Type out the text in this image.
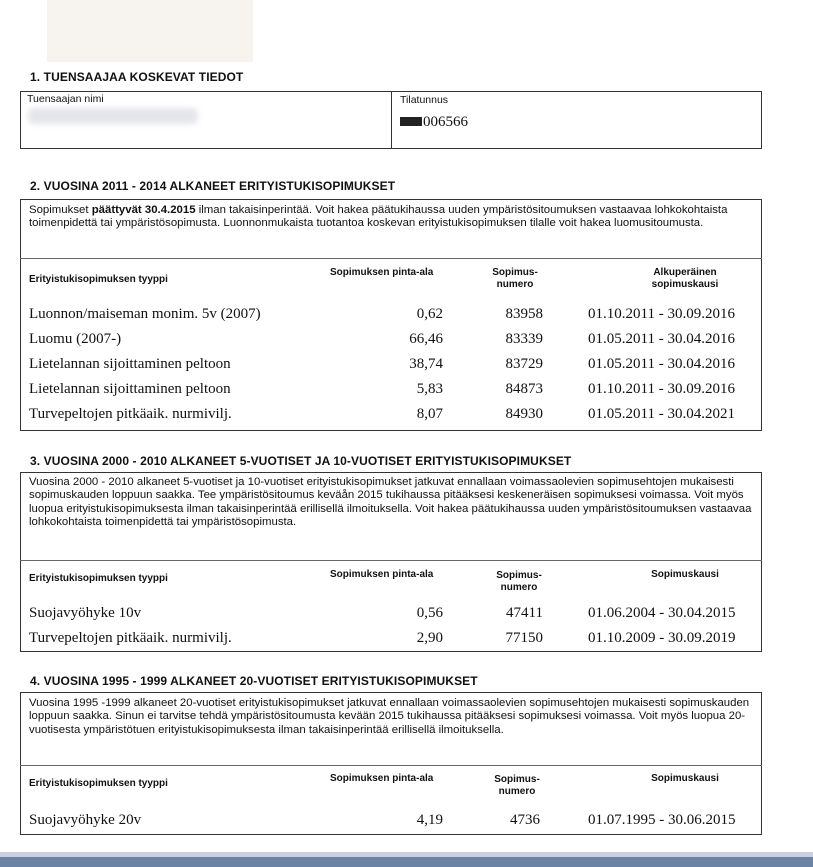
1. TUENSAAJAA KOSKEVAT TIEDOT
Tuensaajan nimi	Tilatunnus
006566
2. VUOSINA 2011 - 2014 ALKANEET ERITYISTUKISOPIMUKSET
Sopimukset päättyvät 30.4.2015 ilman takaisinperintää. Voit hakea päätukihaussa uuden ympäristösitoumuksen vastaavaa lohkokohtaista toimenpidettä tai ympäristösopimusta. Luonnonmukaista tuotantoa koskevan erityistukisopimuksen tilalle voit hakea luomusitoumusta.
Erityistukisopimuksen tyyppi
Sopimuksen pinta-ala	Sopimus-
numero
Alkuperäinen
sopimuskausi
Luonnon/maiseman monim. 5v (2007)	0,62	83958	01.10.2011 - 30.09.2016
Luomu (2007-)	66,46	83339	01.05.2011 - 30.04.2016
Lietelannan sijoittaminen peltoon	38,74	83729	01.05.2011 - 30.04.2016
Lietelannan sijoittaminen peltoon	5,83	84873	01.10.2011 - 30.09.2016
Turvepeltojen pitkäaik. nurmivilj.	8,07	84930	01.05.2011 - 30.04.2021
3. VUOSINA 2000 - 2010 ALKANEET 5-VUOTISET JA 10-VUOTISET ERITYISTUKISOPIMUKSET
Vuosina 2000 - 2010 alkaneet 5-vuotiset ja 10-vuotiset erityistukisopimukset jatkuvat ennallaan voimassaolevien sopimusehtojen mukaisesti sopimuskauden loppuun saakka. Tee ympäristösitoumus keväån 2015 tukihaussa pitääksesi keskeneräisen sopimuksesi voimassa. Voit myös luopua erityistukisopimuksesta ilman takaisinperintää erillisellä ilmoituksella. Voit hakea päätukihaussa uuden ympäristösitoumuksen vastaavaa lohkokohtaista toimenpidettä tai ympäristösopimusta.
Erityistukisopimuksen tyyppi	Sopimuksen pinta-ala	Sopimus-
numero
Sopimuskausi
Suojavyöhyke 10v	0,56	47411	01.06.2004 - 30.04.2015
Turvepeltojen pitkäaik. nurmivilj.	2,90	77150	01.10.2009 - 30.09.2019
4. VUOSINA 1995 - 1999 ALKANEET 20-VUOTISET ERITYISTUKISOPIMUKSET
Vuosina 1995 -1999 alkaneet 20-vuotiset erityistukisopimukset jatkuvat ennallaan voimassaolevien sopimusehtojen mukaisesti sopimuskauden loppuun saakka. Sinun ei tarvitse tehdä ympäristösitoumusta kevään 2015 tukihaussa pitääksesi sopimuksesi voimassa. Voit myös luopua 20-vuotisesta ympäristötuen erityistukisopimuksesta ilman takaisinperintää erillisellä ilmoituksella.
Erityistukisopimuksen tyyppi	Sopimuksen pinta-ala	Sopimus-
numero
Sopimuskausi
Suojavyöhyke 20v	4,19	4736	01.07.1995 - 30.06.2015
